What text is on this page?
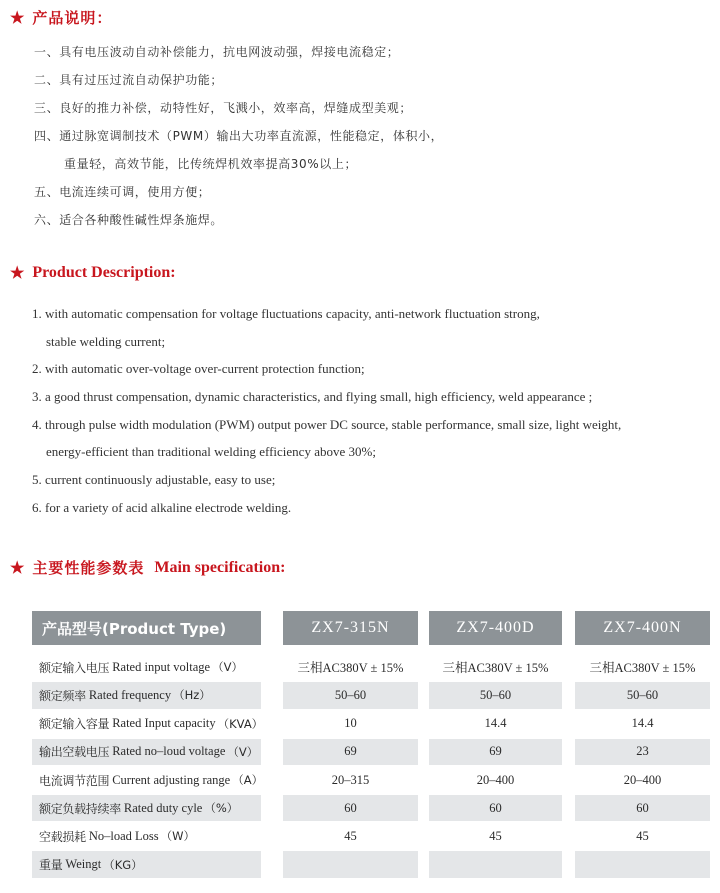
★ 产品说明：
一、具有电压波动自动补偿能力，抗电网波动强，焊接电流稳定；
二、具有过压过流自动保护功能；
三、良好的推力补偿，动特性好，飞溅小，效率高，焊缝成型美观；
四、通过脉宽调制技术（PWM）输出大功率直流源，性能稳定，体积小，
重量轻，高效节能，比传统焊机效率提高30%以上；
五、电流连续可调，使用方便；
六、适合各种酸性碱性焊条施焊。
★ Product Description:
1. with automatic compensation for voltage fluctuations capacity, anti-network fluctuation strong,
stable welding current;
2. with automatic over-voltage over-current protection function;
3. a good thrust compensation, dynamic characteristics, and flying small, high efficiency, weld appearance ;
4. through pulse width modulation (PWM) output power DC source, stable performance, small size, light weight,
energy-efficient than traditional welding efficiency above 30%;
5. current continuously adjustable, easy to use;
6. for a variety of acid alkaline electrode welding.
★ 主要性能参数表 Main specification:
产品型号(Product Type)	ZX7-315N	ZX7-400D	ZX7-400N
额定输入电压 Rated input voltage （V）	三相AC380V ± 15%	三相AC380V ± 15%	三相AC380V ± 15%
额定频率 Rated frequency （Hz）	50–60	50–60	50–60
额定输入容量 Rated Input capacity （KVA）	10	14.4	14.4
输出空载电压 Rated no–loud voltage （V）	69	69	23
电流调节范围 Current adjusting range （A）	20–315	20–400	20–400
额定负载持续率 Rated duty cyle （%）	60	60	60
空载损耗 No–load Loss （W）	45	45	45
重量 Weingt （KG）
